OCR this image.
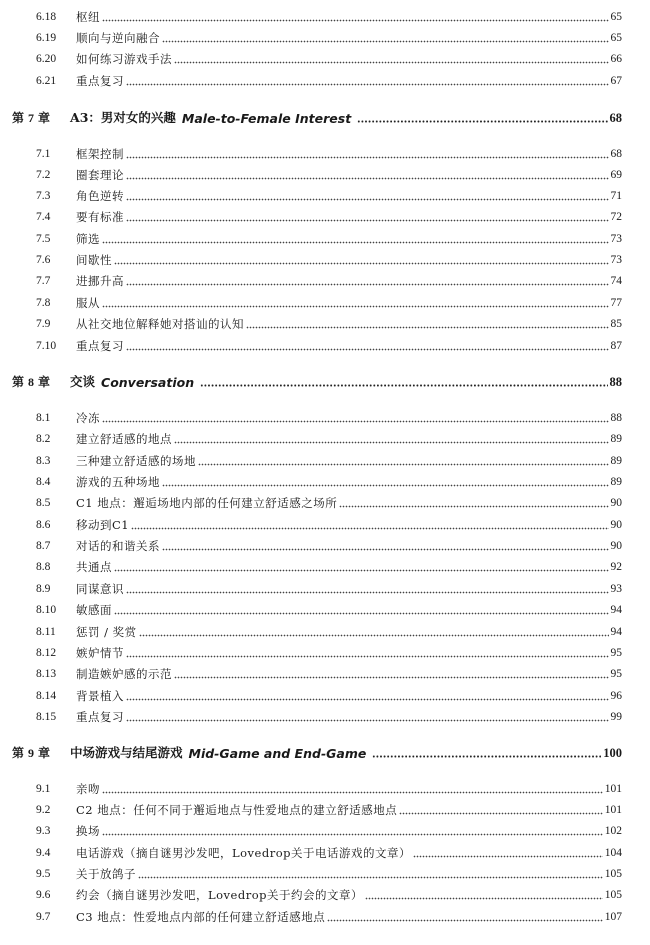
6.18 枢纽	65
6.19 顺向与逆向融合	65
6.20 如何练习游戏手法	66
6.21 重点复习	67
第 7 章 A3：男对女的兴趣 Male-to-Female Interest	68
7.1 框架控制	68
7.2 圈套理论	69
7.3 角色逆转	71
7.4 要有标准	72
7.5 筛选	73
7.6 间歇性	73
7.7 进挪升高	74
7.8 服从	77
7.9 从社交地位解释她对搭讪的认知	85
7.10 重点复习	87
第 8 章 交谈 Conversation	88
8.1 冷冻	88
8.2 建立舒适感的地点	89
8.3 三种建立舒适感的场地	89
8.4 游戏的五种场地	89
8.5 C1 地点：邂逅场地内部的任何建立舒适感之场所	90
8.6 移动到C1	90
8.7 对话的和谐关系	90
8.8 共通点	92
8.9 同谋意识	93
8.10 敏感面	94
8.11 惩罚 / 奖赏	94
8.12 嫉妒情节	95
8.13 制造嫉妒感的示范	95
8.14 背景植入	96
8.15 重点复习	99
第 9 章 中场游戏与结尾游戏 Mid-Game and End-Game	100
9.1 亲吻	101
9.2 C2 地点：任何不同于邂逅地点与性爱地点的建立舒适感地点	101
9.3 换场	102
9.4 电话游戏（摘自谜男沙发吧，Lovedrop关于电话游戏的文章）	104
9.5 关于放鸽子	105
9.6 约会（摘自谜男沙发吧，Lovedrop关于约会的文章）	105
9.7 C3 地点：性爱地点内部的任何建立舒适感地点	107
